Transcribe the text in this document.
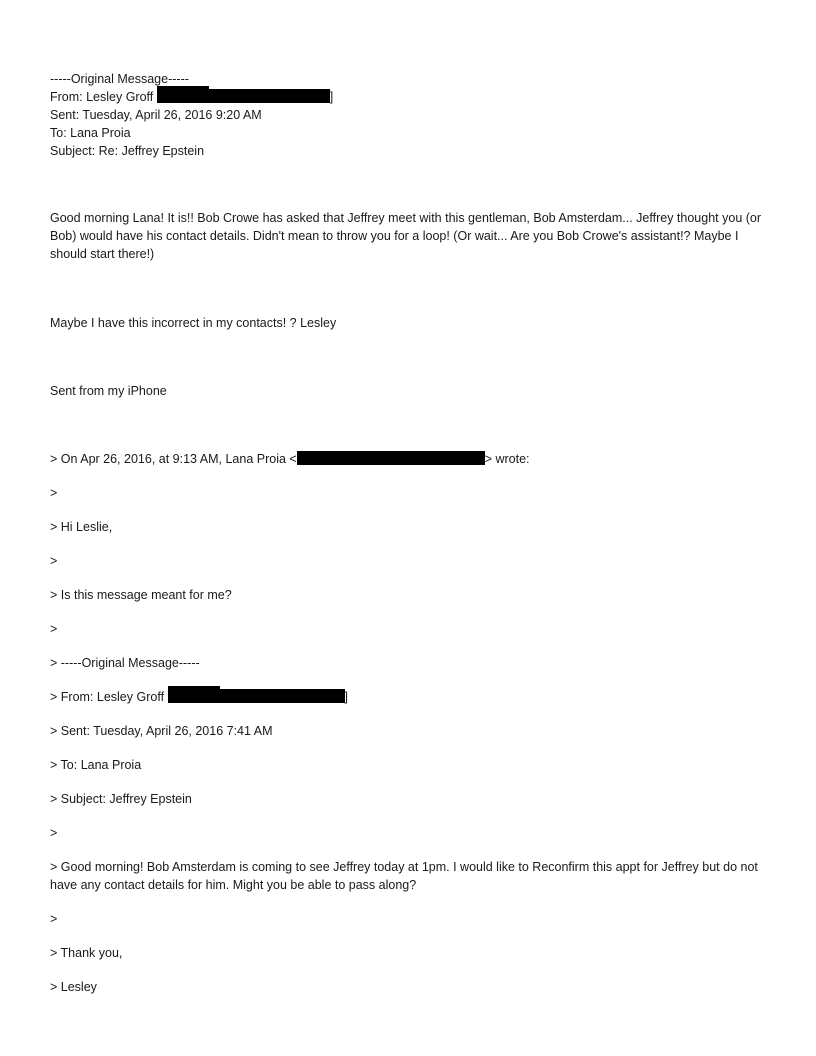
-----Original Message-----
From: Lesley Groff	]
Sent: Tuesday, April 26, 2016 9:20 AM
To: Lana Proia
Subject: Re: Jeffrey Epstein
Good morning Lana! It is!! Bob Crowe has asked that Jeffrey meet with this gentleman, Bob Amsterdam... Jeffrey thought you (or Bob) would have his contact details. Didn't mean to throw you for a loop! (Or wait... Are you Bob Crowe's assistant!? Maybe I should start there!)
Maybe I have this incorrect in my contacts! ? Lesley
Sent from my iPhone
> On Apr 26, 2016, at 9:13 AM, Lana Proia <	> wrote:
>
> Hi Leslie,
>
> Is this message meant for me?
>
> -----Original Message-----
> From: Lesley Groff	]
> Sent: Tuesday, April 26, 2016 7:41 AM
> To: Lana Proia
> Subject: Jeffrey Epstein
>
> Good morning! Bob Amsterdam is coming to see Jeffrey today at 1pm. I would like to Reconfirm this appt for Jeffrey but do not have any contact details for him. Might you be able to pass along?
>
> Thank you,
> Lesley
